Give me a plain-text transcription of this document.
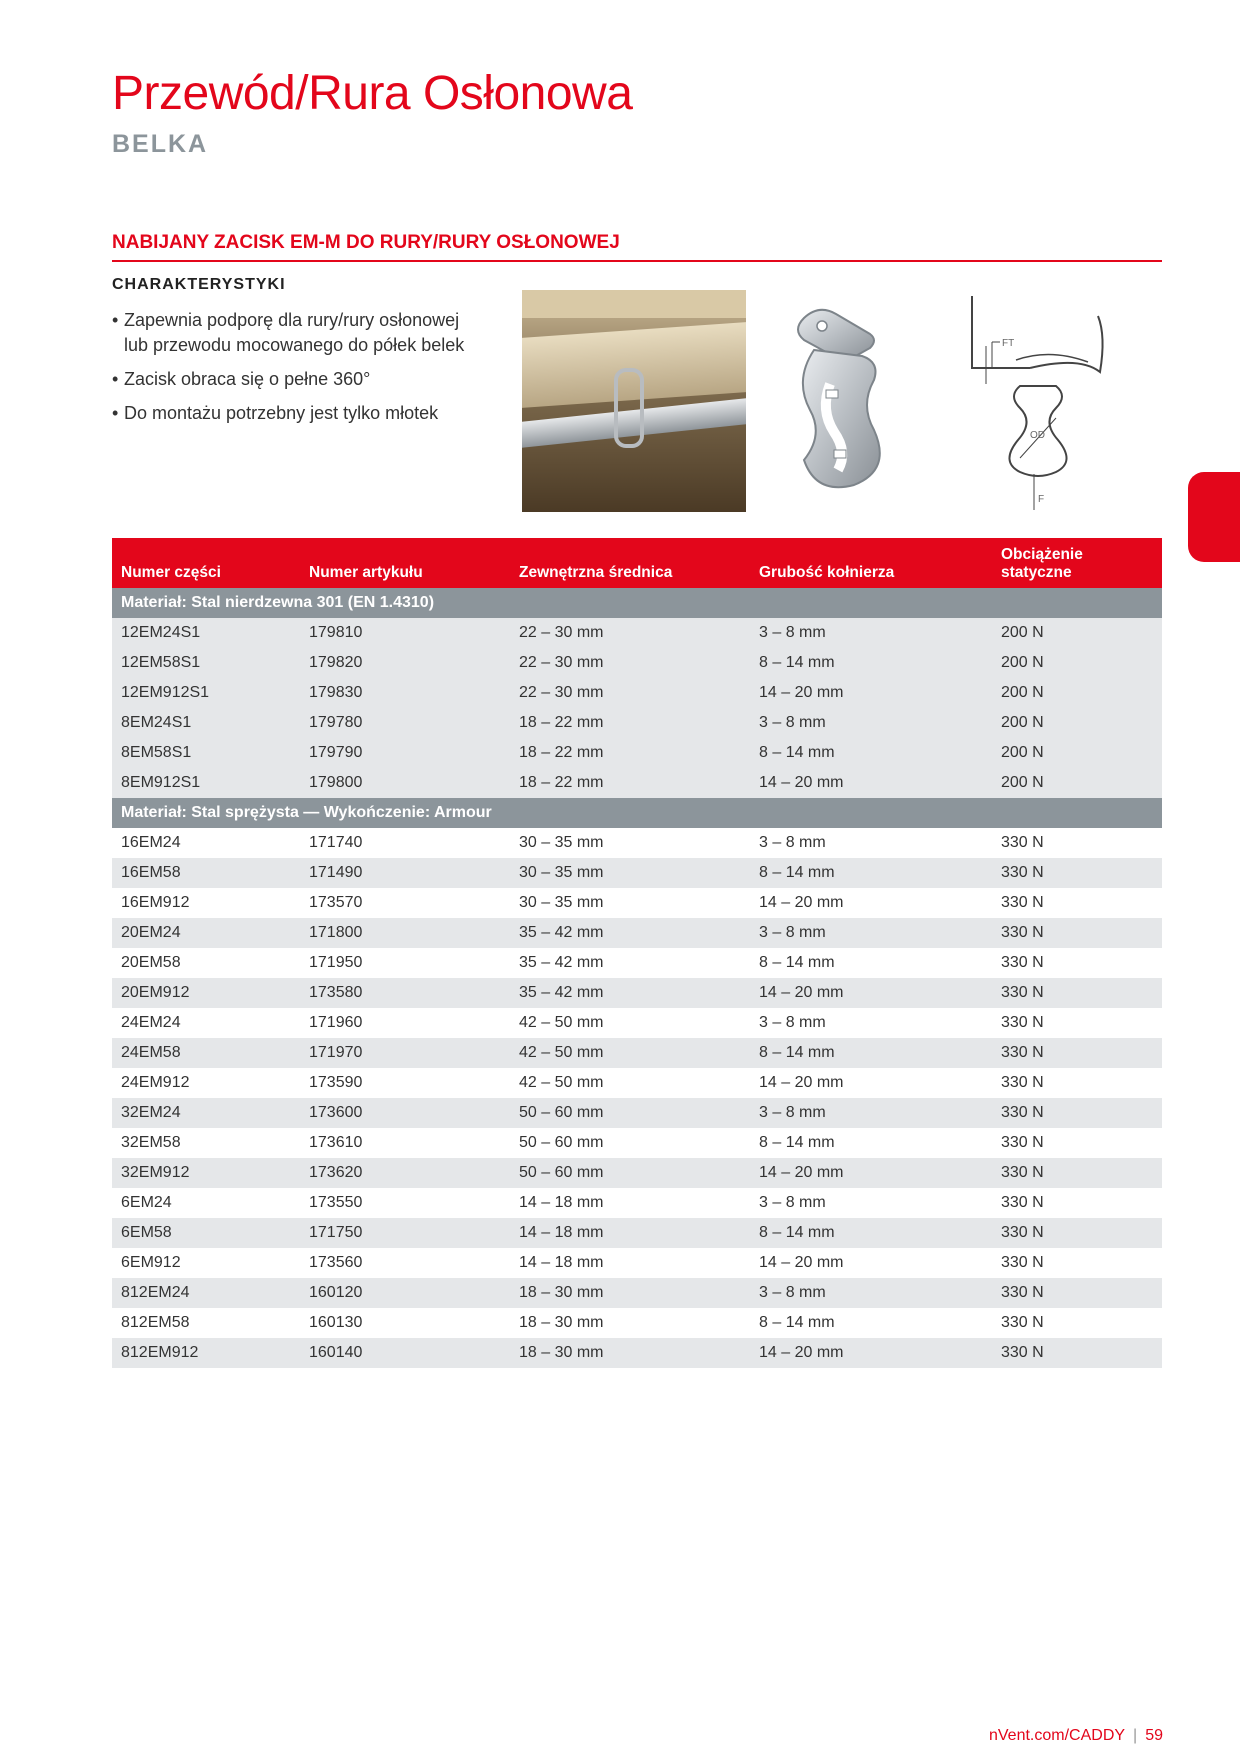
Przewód/Rura Osłonowa
BELKA
NABIJANY ZACISK EM-M DO RURY/RURY OSŁONOWEJ
CHARAKTERYSTYKI
• Zapewnia podporę dla rury/rury osłonowej lub przewodu mocowanego do półek belek
• Zacisk obraca się o pełne 360°
• Do montażu potrzebny jest tylko młotek
FT
OD
F
Numer części	Numer artykułu	Zewnętrzna średnica	Grubość kołnierza	Obciążenie statyczne
Materiał: Stal nierdzewna 301 (EN 1.4310)				
12EM24S1	179810	22 – 30 mm	3 – 8 mm	200 N
12EM58S1	179820	22 – 30 mm	8 – 14 mm	200 N
12EM912S1	179830	22 – 30 mm	14 – 20 mm	200 N
8EM24S1	179780	18 – 22 mm	3 – 8 mm	200 N
8EM58S1	179790	18 – 22 mm	8 – 14 mm	200 N
8EM912S1	179800	18 – 22 mm	14 – 20 mm	200 N
Materiał: Stal sprężysta — Wykończenie: Armour				
16EM24	171740	30 – 35 mm	3 – 8 mm	330 N
16EM58	171490	30 – 35 mm	8 – 14 mm	330 N
16EM912	173570	30 – 35 mm	14 – 20 mm	330 N
20EM24	171800	35 – 42 mm	3 – 8 mm	330 N
20EM58	171950	35 – 42 mm	8 – 14 mm	330 N
20EM912	173580	35 – 42 mm	14 – 20 mm	330 N
24EM24	171960	42 – 50 mm	3 – 8 mm	330 N
24EM58	171970	42 – 50 mm	8 – 14 mm	330 N
24EM912	173590	42 – 50 mm	14 – 20 mm	330 N
32EM24	173600	50 – 60 mm	3 – 8 mm	330 N
32EM58	173610	50 – 60 mm	8 – 14 mm	330 N
32EM912	173620	50 – 60 mm	14 – 20 mm	330 N
6EM24	173550	14 – 18 mm	3 – 8 mm	330 N
6EM58	171750	14 – 18 mm	8 – 14 mm	330 N
6EM912	173560	14 – 18 mm	14 – 20 mm	330 N
812EM24	160120	18 – 30 mm	3 – 8 mm	330 N
812EM58	160130	18 – 30 mm	8 – 14 mm	330 N
812EM912	160140	18 – 30 mm	14 – 20 mm	330 N
nVent.com/CADDY | 59
